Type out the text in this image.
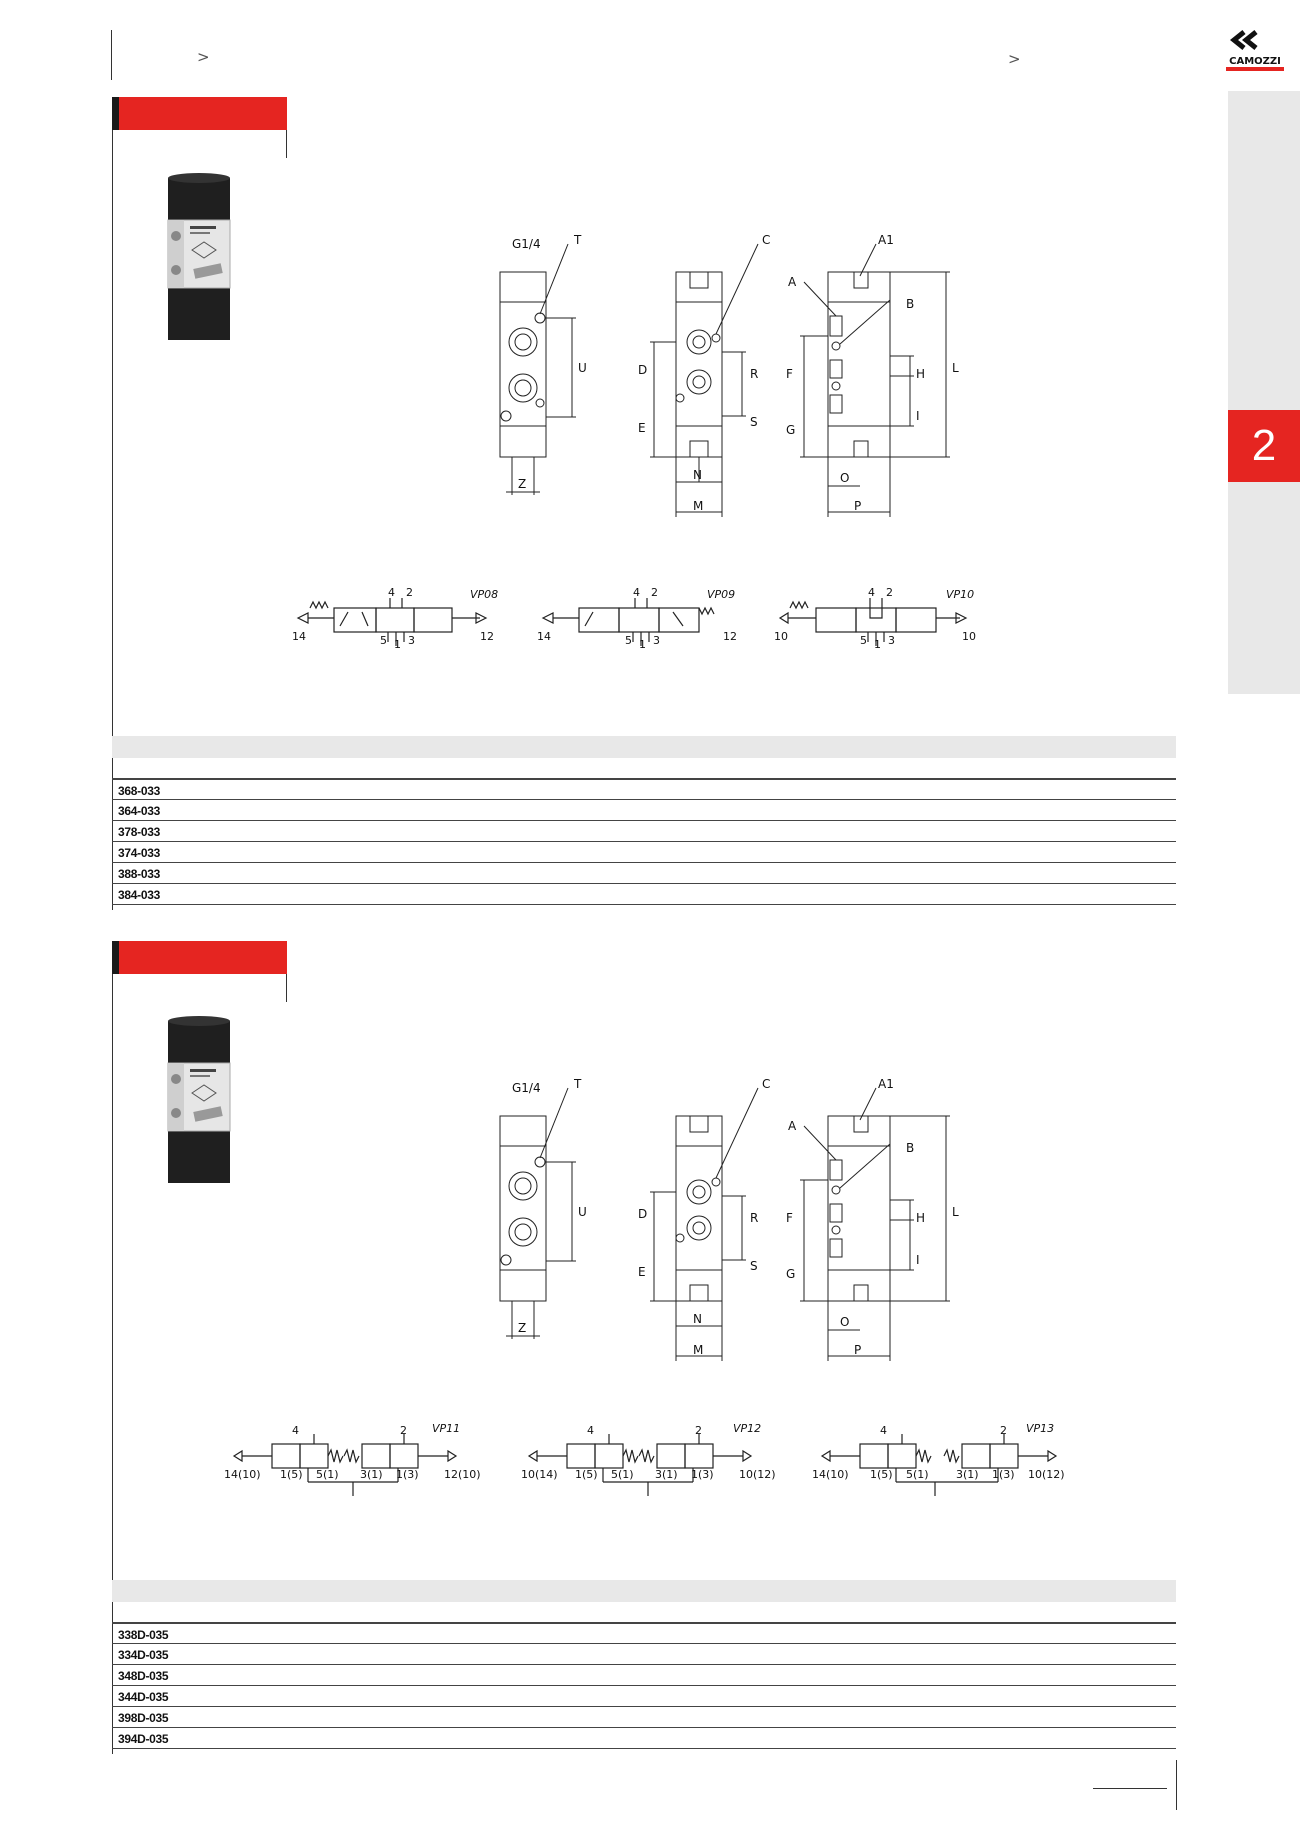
>	>	CAMOZZI
2
G1/4	T	C	A1
A
B
U	D
E
R
S
F
G
H
I
L
Z
N
M
O
P
4 2
14	5 1 3	12
VP08	4 2
14	5 1 3	12
VP09	4 2
10	5 1 3	10
VP10
368-033
364-033
378-033
374-033
388-033
384-033
G1/4	T	C	A1
A
B
U	D
E
R
S
F
G
H
I
L
Z
N
M
O
P
4	2
14(10) 1(5) 5(1) 3(1) 1(3) 12(10)
VP11	4	2
10(14) 1(5) 5(1) 3(1) 1(3) 10(12)
VP12	4	2
14(10) 1(5) 5(1) 3(1) 1(3) 10(12)
VP13
338D-035
334D-035
348D-035
344D-035
398D-035
394D-035
